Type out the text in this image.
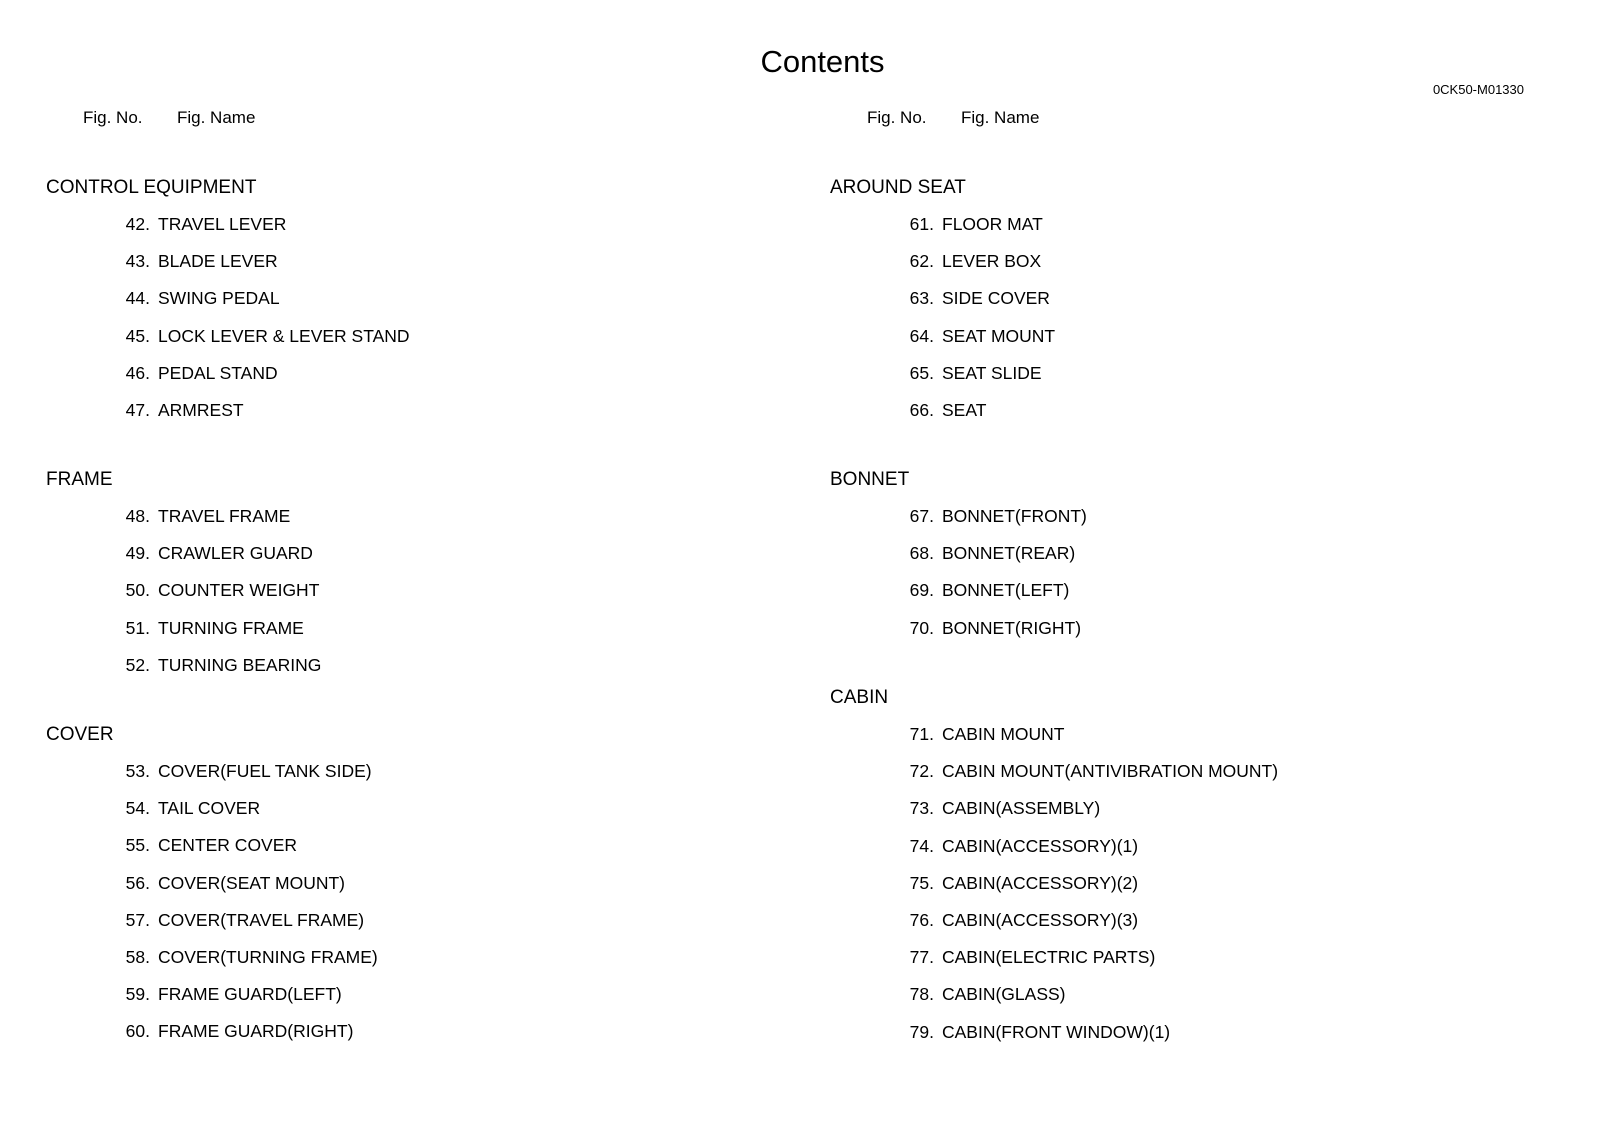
Contents
0CK50-M01330
Fig. No. Fig. Name
CONTROL EQUIPMENT
42. TRAVEL LEVER
43. BLADE LEVER
44. SWING PEDAL
45. LOCK LEVER & LEVER STAND
46. PEDAL STAND
47. ARMREST
FRAME
48. TRAVEL FRAME
49. CRAWLER GUARD
50. COUNTER WEIGHT
51. TURNING FRAME
52. TURNING BEARING
COVER
53. COVER(FUEL TANK SIDE)
54. TAIL COVER
55. CENTER COVER
56. COVER(SEAT MOUNT)
57. COVER(TRAVEL FRAME)
58. COVER(TURNING FRAME)
59. FRAME GUARD(LEFT)
60. FRAME GUARD(RIGHT)
Fig. No. Fig. Name
AROUND SEAT
61. FLOOR MAT
62. LEVER BOX
63. SIDE COVER
64. SEAT MOUNT
65. SEAT SLIDE
66. SEAT
BONNET
67. BONNET(FRONT)
68. BONNET(REAR)
69. BONNET(LEFT)
70. BONNET(RIGHT)
CABIN
71. CABIN MOUNT
72. CABIN MOUNT(ANTIVIBRATION MOUNT)
73. CABIN(ASSEMBLY)
74. CABIN(ACCESSORY)(1)
75. CABIN(ACCESSORY)(2)
76. CABIN(ACCESSORY)(3)
77. CABIN(ELECTRIC PARTS)
78. CABIN(GLASS)
79. CABIN(FRONT WINDOW)(1)
